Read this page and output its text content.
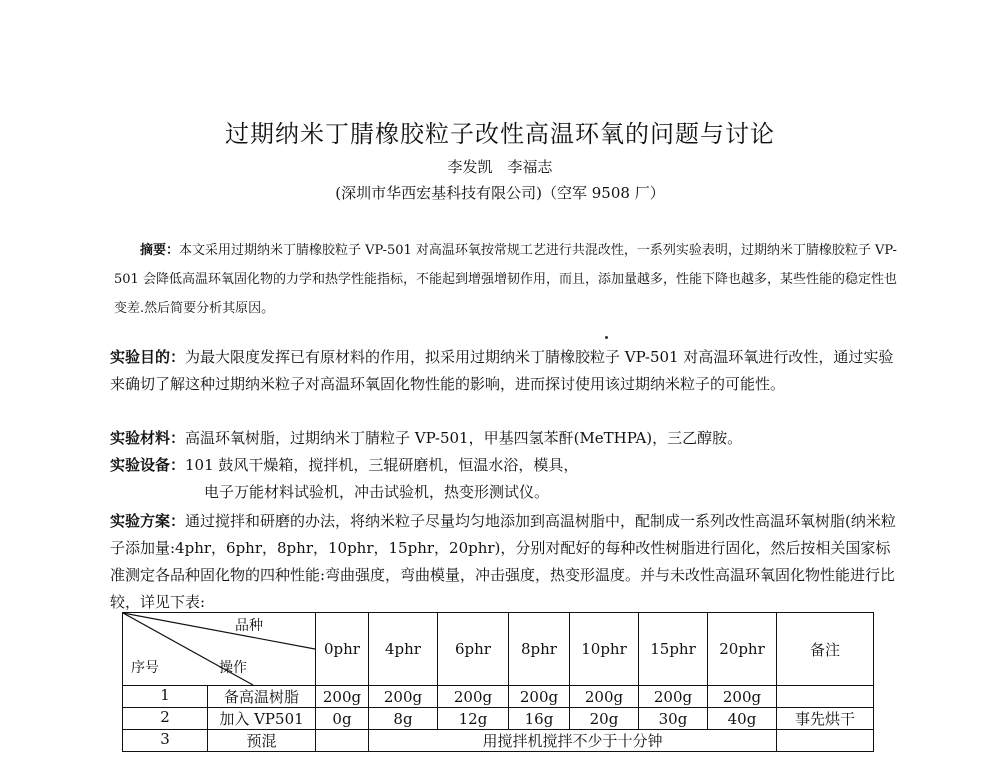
过期纳米丁腈橡胶粒子改性高温环氧的问题与讨论
李发凯　李福志
(深圳市华西宏基科技有限公司)（空军 9508 厂）
摘要：本文采用过期纳米丁腈橡胶粒子 VP-501 对高温环氧按常规工艺进行共混改性，一系列实验表明，过期纳米丁腈橡胶粒子 VP-501 会降低高温环氧固化物的力学和热学性能指标，不能起到增强增韧作用，而且，添加量越多，性能下降也越多，某些性能的稳定性也变差.然后简要分析其原因。
实验目的：为最大限度发挥已有原材料的作用，拟采用过期纳米丁腈橡胶粒子 VP-501 对高温环氧进行改性，通过实验来确切了解这种过期纳米粒子对高温环氧固化物性能的影响，进而探讨使用该过期纳米粒子的可能性。
实验材料：高温环氧树脂，过期纳米丁腈粒子 VP-501，甲基四氢苯酐(MeTHPA)，三乙醇胺。
实验设备：101 鼓风干燥箱，搅拌机，三辊研磨机，恒温水浴，模具，
电子万能材料试验机，冲击试验机，热变形测试仪。
实验方案：通过搅拌和研磨的办法，将纳米粒子尽量均匀地添加到高温树脂中，配制成一系列改性高温环氧树脂(纳米粒子添加量:4phr，6phr，8phr，10phr，15phr，20phr)，分别对配好的每种改性树脂进行固化，然后按相关国家标准测定各品种固化物的四种性能:弯曲强度，弯曲模量，冲击强度，热变形温度。并与未改性高温环氧固化物性能进行比较，详见下表:
品种
序号 操作	0phr	4phr	6phr	8phr	10phr	15phr	20phr	备注

1 备高温树脂	200g	200g	200g	200g	200g	200g	200g	

2 加入 VP501	0g	8g	12g	16g	20g	30g	40g	事先烘干

3 预混		用搅拌机搅拌不少于十分钟						
